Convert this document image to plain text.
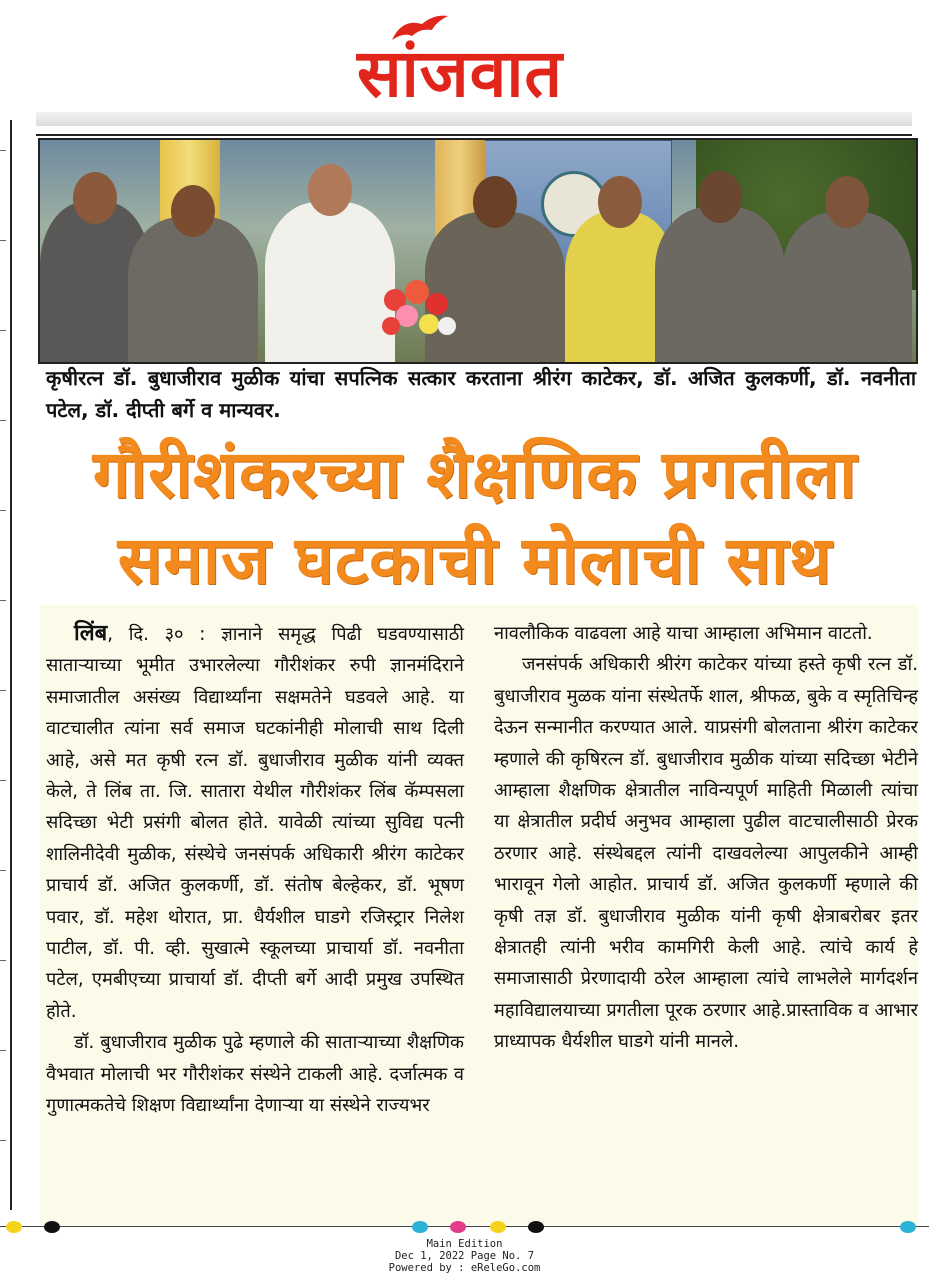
सांजवात
कृषीरत्न डॉ. बुधाजीराव मुळीक यांचा सपत्निक सत्कार करताना श्रीरंग काटेकर, डॉ. अजित कुलकर्णी, डॉ. नवनीता पटेल, डॉ. दीप्ती बर्गे व मान्यवर.
गौरीशंकरच्या शैक्षणिक प्रगतीला
समाज घटकाची मोलाची साथ

लिंब, दि. ३० : ज्ञानाने समृद्ध पिढी घडवण्यासाठी साताऱ्याच्या भूमीत उभारलेल्या गौरीशंकर रुपी ज्ञानमंदिराने समाजातील असंख्य विद्यार्थ्यांना सक्षमतेने घडवले आहे. या वाटचालीत त्यांना सर्व समाज घटकांनीही मोलाची साथ दिली आहे, असे मत कृषी रत्न डॉ. बुधाजीराव मुळीक यांनी व्यक्त केले, ते लिंब ता. जि. सातारा येथील गौरीशंकर लिंब कॅम्पसला सदिच्छा भेटी प्रसंगी बोलत होते. यावेळी त्यांच्या सुविद्य पत्नी शालिनीदेवी मुळीक, संस्थेचे जनसंपर्क अधिकारी श्रीरंग काटेकर प्राचार्य डॉ. अजित कुलकर्णी, डॉ. संतोष बेल्हेकर, डॉ. भूषण पवार, डॉ. महेश थोरात, प्रा. धैर्यशील घाडगे रजिस्ट्रार निलेश पाटील, डॉ. पी. व्ही. सुखात्मे स्कूलच्या प्राचार्या डॉ. नवनीता पटेल, एमबीएच्या प्राचार्या डॉ. दीप्ती बर्गे आदी प्रमुख उपस्थित होते.

डॉ. बुधाजीराव मुळीक पुढे म्हणाले की साताऱ्याच्या शैक्षणिक वैभवात मोलाची भर गौरीशंकर संस्थेने टाकली आहे. दर्जात्मक व गुणात्मकतेचे शिक्षण विद्यार्थ्यांना देणाऱ्या या संस्थेने राज्यभर

नावलौकिक वाढवला आहे याचा आम्हाला अभिमान वाटतो.

जनसंपर्क अधिकारी श्रीरंग काटेकर यांच्या हस्ते कृषी रत्न डॉ. बुधाजीराव मुळक यांना संस्थेतर्फे शाल, श्रीफळ, बुके व स्मृतिचिन्ह देऊन सन्मानीत करण्यात आले. याप्रसंगी बोलताना श्रीरंग काटेकर म्हणाले की कृषिरत्न डॉ. बुधाजीराव मुळीक यांच्या सदिच्छा भेटीने आम्हाला शैक्षणिक क्षेत्रातील नाविन्यपूर्ण माहिती मिळाली त्यांचा या क्षेत्रातील प्रदीर्घ अनुभव आम्हाला पुढील वाटचालीसाठी प्रेरक ठरणार आहे. संस्थेबद्दल त्यांनी दाखवलेल्या आपुलकीने आम्ही भारावून गेलो आहोत. प्राचार्य डॉ. अजित कुलकर्णी म्हणाले की कृषी तज्ञ डॉ. बुधाजीराव मुळीक यांनी कृषी क्षेत्राबरोबर इतर क्षेत्रातही त्यांनी भरीव कामगिरी केली आहे. त्यांचे कार्य हे समाजासाठी प्रेरणादायी ठरेल आम्हाला त्यांचे लाभलेले मार्गदर्शन महाविद्यालयाच्या प्रगतीला पूरक ठरणार आहे.प्रास्ताविक व आभार प्राध्यापक धैर्यशील घाडगे यांनी मानले.

Main Edition
Dec 1, 2022 Page No. 7
Powered by : eReleGo.com
